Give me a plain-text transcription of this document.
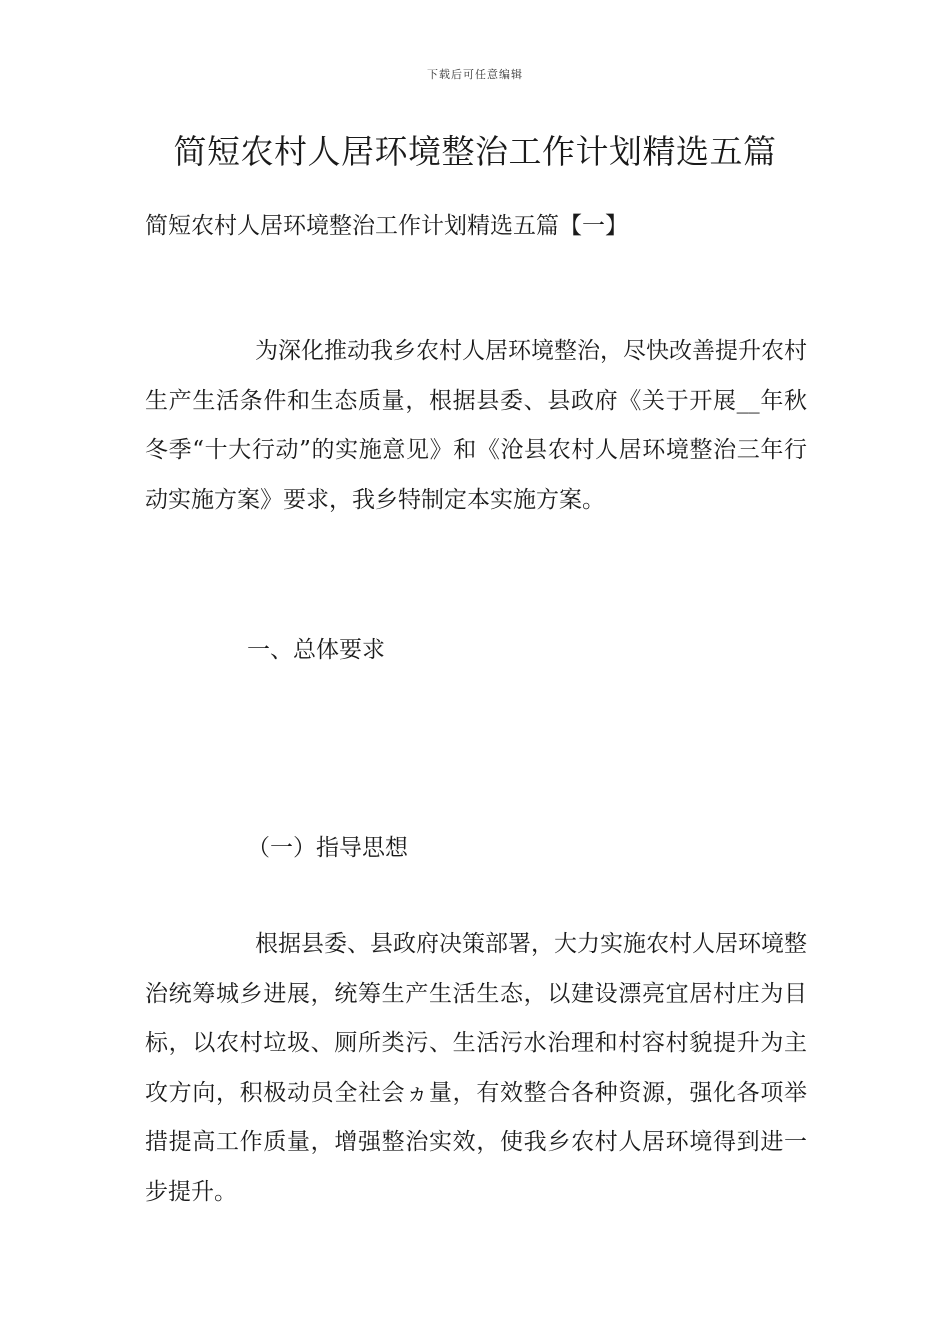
下载后可任意编辑
简短农村人居环境整治工作计划精选五篇
简短农村人居环境整治工作计划精选五篇【一】

为深化推动我乡农村人居环境整治，尽快改善提升农村生产生活条件和生态质量，根据县委、县政府《关于开展__年秋冬季“十大行动”的实施意见》和《沧县农村人居环境整治三年行动实施方案》要求，我乡特制定本实施方案。

一、总体要求
（一）指导思想

根据县委、县政府决策部署，大力实施农村人居环境整治统筹城乡进展，统筹生产生活生态，以建设漂亮宜居村庄为目标，以农村垃圾、厕所类污、生活污水治理和村容村貌提升为主攻方向，积极动员全社会ヵ量，有效整合各种资源，强化各项举措提高工作质量，增强整治实效，使我乡农村人居环境得到进一步提升。
